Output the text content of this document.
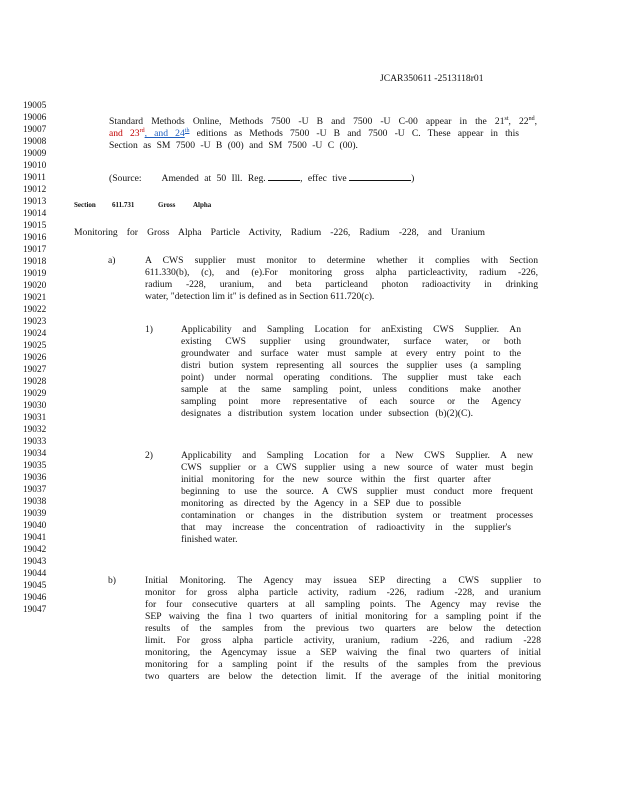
JCAR350611 -2513118r01
19005
19006
19007
19008
19009
19010
19011
19012
19013
19014
19015
19016
19017
19018
19019
19020
19021
19022
19023
19024
19025
19026
19027
19028
19029
19030
19031
19032
19033
19034
19035
19036
19037
19038
19039
19040
19041
19042
19043
19044
19045
19046
19047
Standard Methods Online, Methods 7500 -U B and 7500 -U C-00 appear in the 21st, 22nd,
and 23rd, and 24th editions as Methods 7500 -U B and 7500 -U C. These appear in this
Section as SM 7500 -U B (00) and SM 7500 -U C (00).
(Source: Amended at 50 Ill. Reg.	, effec tive	)
Section 611.731	Gross	Alpha
Monitoring for Gross Alpha Particle Activity, Radium -226, Radium -228, and Uranium
a)	A CWS supplier must monitor to determine whether it complies with Section
611.330(b), (c), and (e).For monitoring gross alpha particleactivity, radium -226,
radium -228, uranium, and beta particleand photon radioactivity in drinking
water, "detection lim it" is defined as in Section 611.720(c).
1)	Applicability and Sampling Location for anExisting CWS Supplier. An
existing CWS supplier using groundwater, surface water, or both
groundwater and surface water must sample at every entry point to the
distri bution system representing all sources the supplier uses (a sampling
point) under normal operating conditions. The supplier must take each
sample at the same sampling point, unless conditions make another
sampling point more representative of each source or the Agency
designates a distribution system location under subsection (b)(2)(C).
2)	Applicability and Sampling Location for a New CWS Supplier. A new
CWS supplier or a CWS supplier using a new source of water must begin
initial monitoring for the new source within the first quarter after
beginning to use the source. A CWS supplier must conduct more frequent
monitoring as directed by the Agency in a SEP due to possible
contamination or changes in the distribution system or treatment processes
that may increase the concentration of radioactivity in the supplier's
finished water.
b)	Initial Monitoring. The Agency may issuea SEP directing a CWS supplier to
monitor for gross alpha particle activity, radium -226, radium -228, and uranium
for four consecutive quarters at all sampling points. The Agency may revise the
SEP waiving the fina l two quarters of initial monitoring for a sampling point if the
results of the samples from the previous two quarters are below the detection
limit. For gross alpha particle activity, uranium, radium -226, and radium -228
monitoring, the Agencymay issue a SEP waiving the final two quarters of initial
monitoring for a sampling point if the results of the samples from the previous
two quarters are below the detection limit. If the average of the initial monitoring
